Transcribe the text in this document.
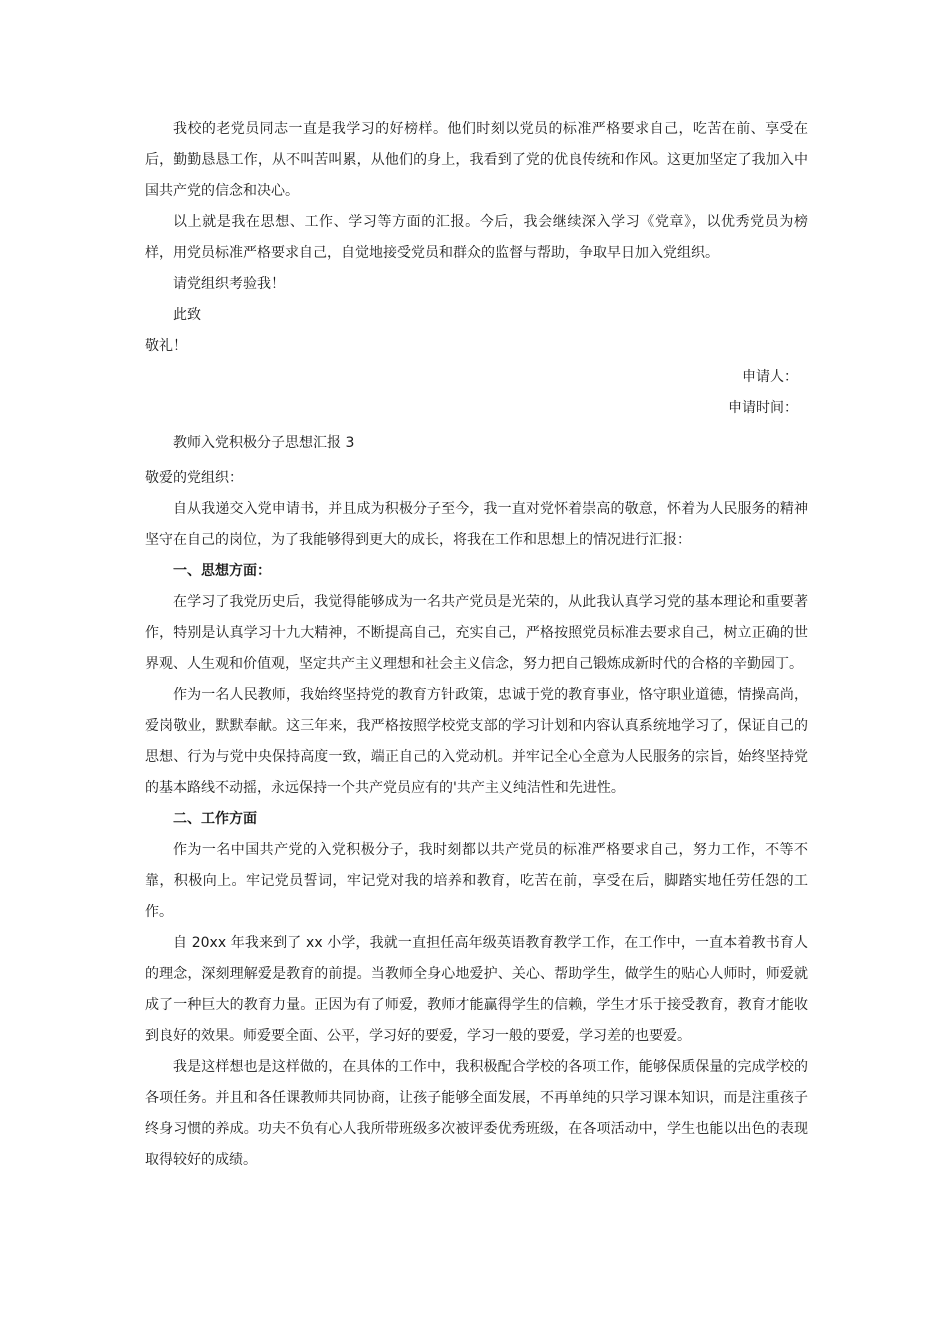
我校的老党员同志一直是我学习的好榜样。他们时刻以党员的标准严格要求自己，吃苦在前、享受在后，勤勤恳恳工作，从不叫苦叫累，从他们的身上，我看到了党的优良传统和作风。这更加坚定了我加入中国共产党的信念和决心。

以上就是我在思想、工作、学习等方面的汇报。今后，我会继续深入学习《党章》，以优秀党员为榜样，用党员标准严格要求自己，自觉地接受党员和群众的监督与帮助，争取早日加入党组织。

请党组织考验我！

此致

敬礼！

申请人：

申请时间：

教师入党积极分子思想汇报 3

敬爱的党组织：

自从我递交入党申请书，并且成为积极分子至今，我一直对党怀着崇高的敬意，怀着为人民服务的精神坚守在自己的岗位，为了我能够得到更大的成长，将我在工作和思想上的情况进行汇报：

一、思想方面：

在学习了我党历史后，我觉得能够成为一名共产党员是光荣的，从此我认真学习党的基本理论和重要著作，特别是认真学习十九大精神，不断提高自己，充实自己，严格按照党员标准去要求自己，树立正确的世界观、人生观和价值观，坚定共产主义理想和社会主义信念，努力把自己锻炼成新时代的合格的辛勤园丁。

作为一名人民教师，我始终坚持党的教育方针政策，忠诚于党的教育事业，恪守职业道德，情操高尚，爱岗敬业，默默奉献。这三年来，我严格按照学校党支部的学习计划和内容认真系统地学习了，保证自己的思想、行为与党中央保持高度一致，端正自己的入党动机。并牢记全心全意为人民服务的宗旨，始终坚持党的基本路线不动摇，永远保持一个共产党员应有的'共产主义纯洁性和先进性。

二、工作方面

作为一名中国共产党的入党积极分子，我时刻都以共产党员的标准严格要求自己，努力工作，不等不靠，积极向上。牢记党员誓词，牢记党对我的培养和教育，吃苦在前，享受在后，脚踏实地任劳任怨的工作。

自 20xx 年我来到了 xx 小学，我就一直担任高年级英语教育教学工作，在工作中，一直本着教书育人的理念，深刻理解爱是教育的前提。当教师全身心地爱护、关心、帮助学生，做学生的贴心人师时，师爱就成了一种巨大的教育力量。正因为有了师爱，教师才能赢得学生的信赖，学生才乐于接受教育，教育才能收到良好的效果。师爱要全面、公平，学习好的要爱，学习一般的要爱，学习差的也要爱。

我是这样想也是这样做的，在具体的工作中，我积极配合学校的各项工作，能够保质保量的完成学校的各项任务。并且和各任课教师共同协商，让孩子能够全面发展，不再单纯的只学习课本知识，而是注重孩子终身习惯的养成。功夫不负有心人我所带班级多次被评委优秀班级，在各项活动中，学生也能以出色的表现取得较好的成绩。
